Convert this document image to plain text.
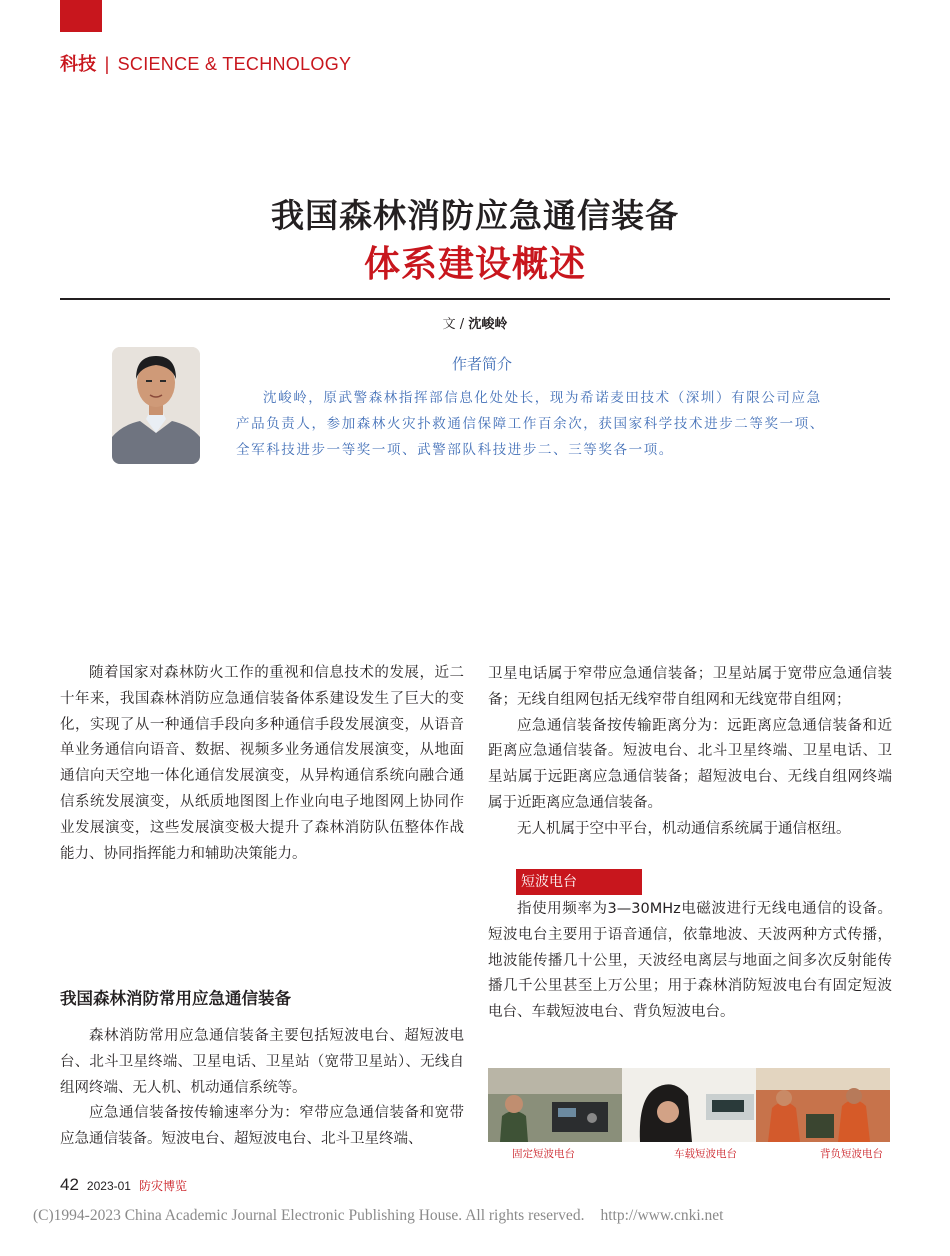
科技 | SCIENCE & TECHNOLOGY
我国森林消防应急通信装备
体系建设概述
文 / 沈峻岭
作者简介
沈峻岭，原武警森林指挥部信息化处处长，现为希诺麦田技术（深圳）有限公司应急产品负责人，参加森林火灾扑救通信保障工作百余次，获国家科学技术进步二等奖一项、全军科技进步一等奖一项、武警部队科技进步二、三等奖各一项。

随着国家对森林防火工作的重视和信息技术的发展，近二十年来，我国森林消防应急通信装备体系建设发生了巨大的变化，实现了从一种通信手段向多种通信手段发展演变，从语音单业务通信向语音、数据、视频多业务通信发展演变，从地面通信向天空地一体化通信发展演变，从异构通信系统向融合通信系统发展演变，从纸质地图图上作业向电子地图网上协同作业发展演变，这些发展演变极大提升了森林消防队伍整体作战能力、协同指挥能力和辅助决策能力。

我国森林消防常用应急通信装备

森林消防常用应急通信装备主要包括短波电台、超短波电台、北斗卫星终端、卫星电话、卫星站（宽带卫星站）、无线自组网终端、无人机、机动通信系统等。

应急通信装备按传输速率分为：窄带应急通信装备和宽带应急通信装备。短波电台、超短波电台、北斗卫星终端、

卫星电话属于窄带应急通信装备；卫星站属于宽带应急通信装备；无线自组网包括无线窄带自组网和无线宽带自组网；

应急通信装备按传输距离分为：远距离应急通信装备和近距离应急通信装备。短波电台、北斗卫星终端、卫星电话、卫星站属于远距离应急通信装备；超短波电台、无线自组网终端属于近距离应急通信装备。

无人机属于空中平台，机动通信系统属于通信枢纽。

短波电台

指使用频率为3—30MHz电磁波进行无线电通信的设备。短波电台主要用于语音通信，依靠地波、天波两种方式传播，地波能传播几十公里，天波经电离层与地面之间多次反射能传播几千公里甚至上万公里；用于森林消防短波电台有固定短波电台、车载短波电台、背负短波电台。

固定短波电台	车载短波电台	背负短波电台
42 2023-01 防灾博览
(C)1994-2023 China Academic Journal Electronic Publishing House. All rights reserved. http://www.cnki.net
